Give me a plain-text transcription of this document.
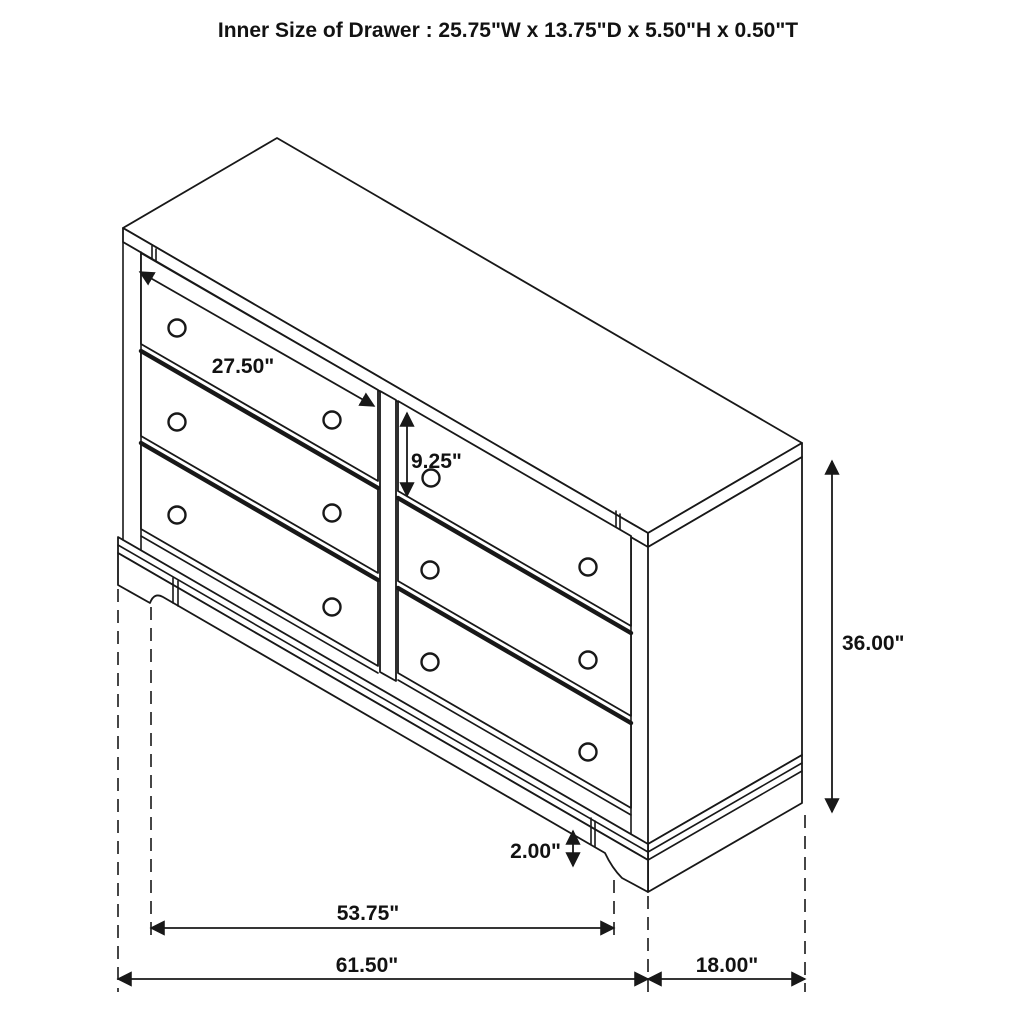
27.50"
9.25"
36.00"
2.00"
53.75"
61.50"	18.00"
Inner Size of Drawer : 25.75"W x 13.75"D x 5.50"H x 0.50"T
